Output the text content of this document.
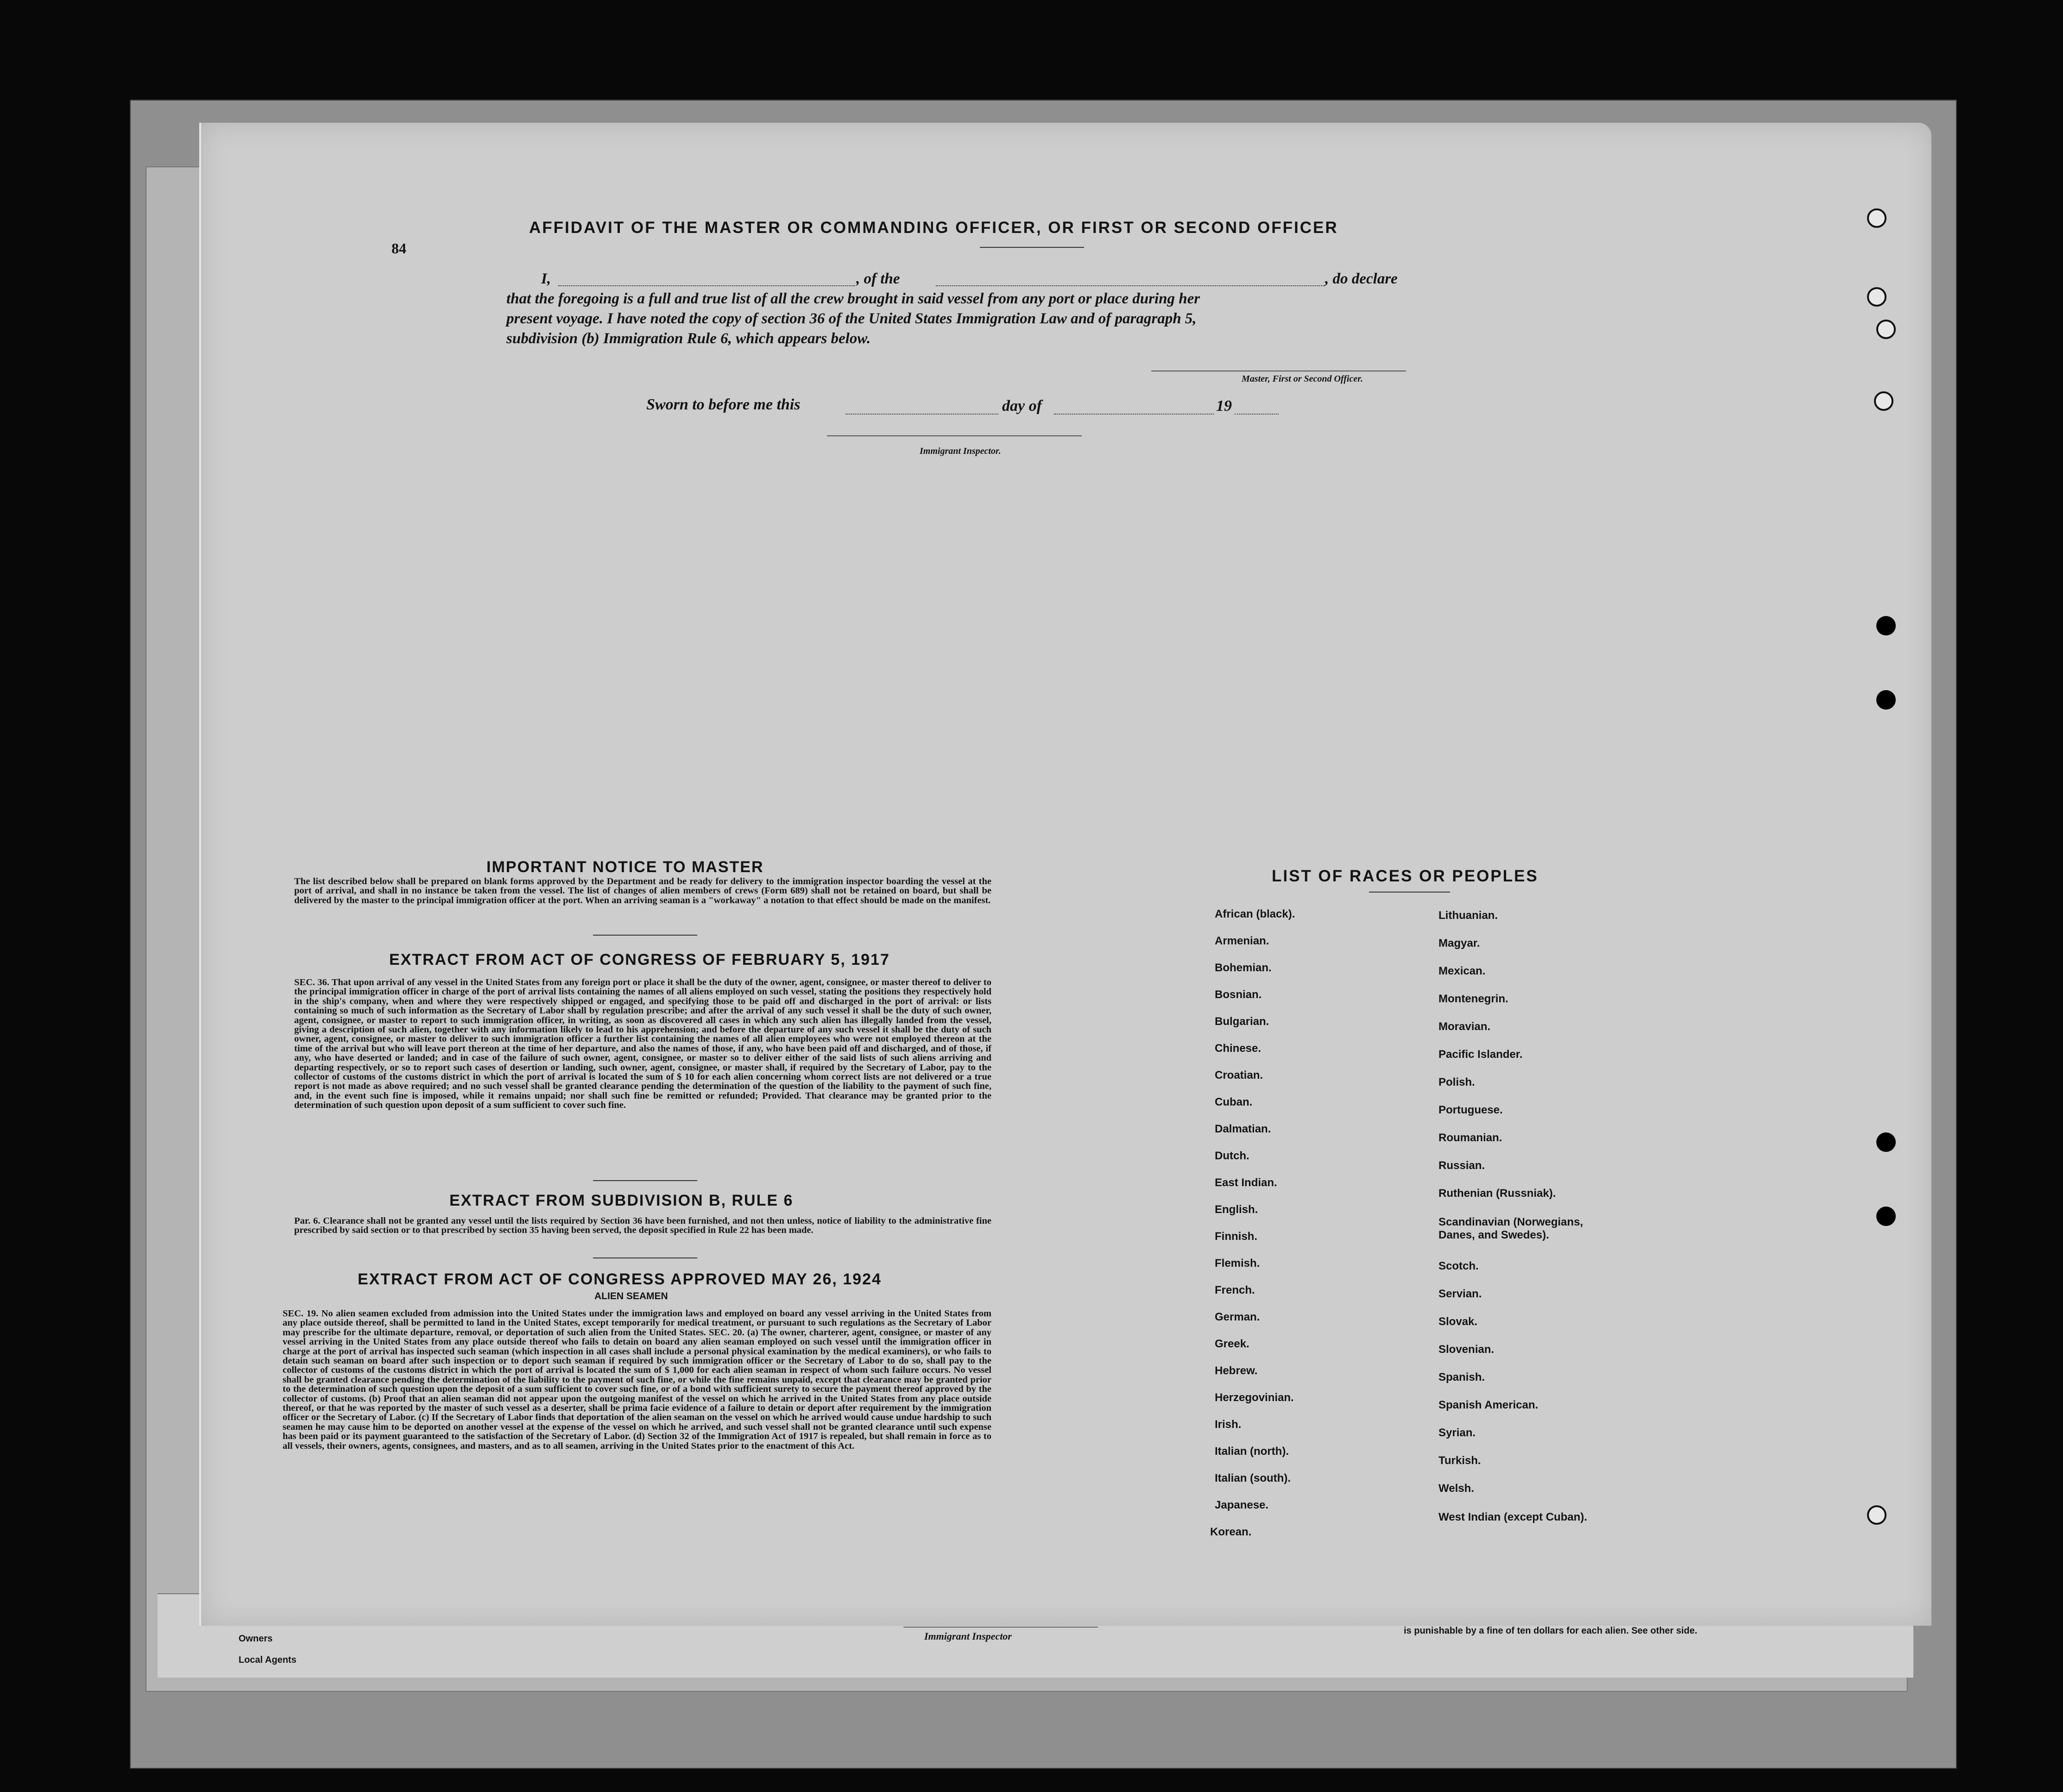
Owners
Local Agents
Immigrant Inspector	is punishable by a fine of ten dollars for each alien. See other side.
84
AFFIDAVIT OF THE MASTER OR COMMANDING OFFICER, OR FIRST OR SECOND OFFICER
I,	, of the	, do declare
that the foregoing is a full and true list of all the crew brought in said vessel from any port or place during her
present voyage. I have noted the copy of section 36 of the United States Immigration Law and of paragraph 5,
subdivision (b) Immigration Rule 6, which appears below.
Master, First or Second Officer.
Sworn to before me this	day of	19
Immigrant Inspector.
IMPORTANT NOTICE TO MASTER
The list described below shall be prepared on blank forms approved by the Department and be ready for delivery to the immigration inspector boarding the vessel at the port of arrival, and shall in no instance be taken from the vessel. The list of changes of alien members of crews (Form 689) shall not be retained on board, but shall be delivered by the master to the principal immigration officer at the port. When an arriving seaman is a "workaway" a notation to that effect should be made on the manifest.
EXTRACT FROM ACT OF CONGRESS OF FEBRUARY 5, 1917
SEC. 36. That upon arrival of any vessel in the United States from any foreign port or place it shall be the duty of the owner, agent, consignee, or master thereof to deliver to the principal immigration officer in charge of the port of arrival lists containing the names of all aliens employed on such vessel, stating the positions they respectively hold in the ship's company, when and where they were respectively shipped or engaged, and specifying those to be paid off and discharged in the port of arrival: or lists containing so much of such information as the Secretary of Labor shall by regulation prescribe; and after the arrival of any such vessel it shall be the duty of such owner, agent, consignee, or master to report to such immigration officer, in writing, as soon as discovered all cases in which any such alien has illegally landed from the vessel, giving a description of such alien, together with any information likely to lead to his apprehension; and before the departure of any such vessel it shall be the duty of such owner, agent, consignee, or master to deliver to such immigration officer a further list containing the names of all alien employees who were not employed thereon at the time of the arrival but who will leave port thereon at the time of her departure, and also the names of those, if any, who have been paid off and discharged, and of those, if any, who have deserted or landed; and in case of the failure of such owner, agent, consignee, or master so to deliver either of the said lists of such aliens arriving and departing respectively, or so to report such cases of desertion or landing, such owner, agent, consignee, or master shall, if required by the Secretary of Labor, pay to the collector of customs of the customs district in which the port of arrival is located the sum of $ 10 for each alien concerning whom correct lists are not delivered or a true report is not made as above required; and no such vessel shall be granted clearance pending the determination of the question of the liability to the payment of such fine, and, in the event such fine is imposed, while it remains unpaid; nor shall such fine be remitted or refunded; Provided. That clearance may be granted prior to the determination of such question upon deposit of a sum sufficient to cover such fine.
EXTRACT FROM SUBDIVISION B, RULE 6
Par. 6. Clearance shall not be granted any vessel until the lists required by Section 36 have been furnished, and not then unless, notice of liability to the administrative fine prescribed by said section or to that prescribed by section 35 having been served, the deposit specified in Rule 22 has been made.
EXTRACT FROM ACT OF CONGRESS APPROVED MAY 26, 1924
ALIEN SEAMEN
SEC. 19. No alien seamen excluded from admission into the United States under the immigration laws and employed on board any vessel arriving in the United States from any place outside thereof, shall be permitted to land in the United States, except temporarily for medical treatment, or pursuant to such regulations as the Secretary of Labor may prescribe for the ultimate departure, removal, or deportation of such alien from the United States. SEC. 20. (a) The owner, charterer, agent, consignee, or master of any vessel arriving in the United States from any place outside thereof who fails to detain on board any alien seaman employed on such vessel until the immigration officer in charge at the port of arrival has inspected such seaman (which inspection in all cases shall include a personal physical examination by the medical examiners), or who fails to detain such seaman on board after such inspection or to deport such seaman if required by such immigration officer or the Secretary of Labor to do so, shall pay to the collector of customs of the customs district in which the port of arrival is located the sum of $ 1,000 for each alien seaman in respect of whom such failure occurs. No vessel shall be granted clearance pending the determination of the liability to the payment of such fine, or while the fine remains unpaid, except that clearance may be granted prior to the determination of such question upon the deposit of a sum sufficient to cover such fine, or of a bond with sufficient surety to secure the payment thereof approved by the collector of customs. (b) Proof that an alien seaman did not appear upon the outgoing manifest of the vessel on which he arrived in the United States from any place outside thereof, or that he was reported by the master of such vessel as a deserter, shall be prima facie evidence of a failure to detain or deport after requirement by the immigration officer or the Secretary of Labor. (c) If the Secretary of Labor finds that deportation of the alien seaman on the vessel on which he arrived would cause undue hardship to such seamen he may cause him to be deported on another vessel at the expense of the vessel on which he arrived, and such vessel shall not be granted clearance until such expense has been paid or its payment guaranteed to the satisfaction of the Secretary of Labor. (d) Section 32 of the Immigration Act of 1917 is repealed, but shall remain in force as to all vessels, their owners, agents, consignees, and masters, and as to all seamen, arriving in the United States prior to the enactment of this Act.
LIST OF RACES OR PEOPLES
African (black).
Armenian.
Bohemian.
Bosnian.
Bulgarian.
Chinese.
Croatian.
Cuban.
Dalmatian.
Dutch.
East Indian.
English.
Finnish.
Flemish.
French.
German.
Greek.
Hebrew.
Herzegovinian.
Irish.
Italian (north).
Italian (south).
Japanese.
Korean.
Lithuanian.
Magyar.
Mexican.
Montenegrin.
Moravian.
Pacific Islander.
Polish.
Portuguese.
Roumanian.
Russian.
Ruthenian (Russniak).
Scandinavian (Norwegians, Danes, and Swedes).
Scotch.
Servian.
Slovak.
Slovenian.
Spanish.
Spanish American.
Syrian.
Turkish.
Welsh.
West Indian (except Cuban).
